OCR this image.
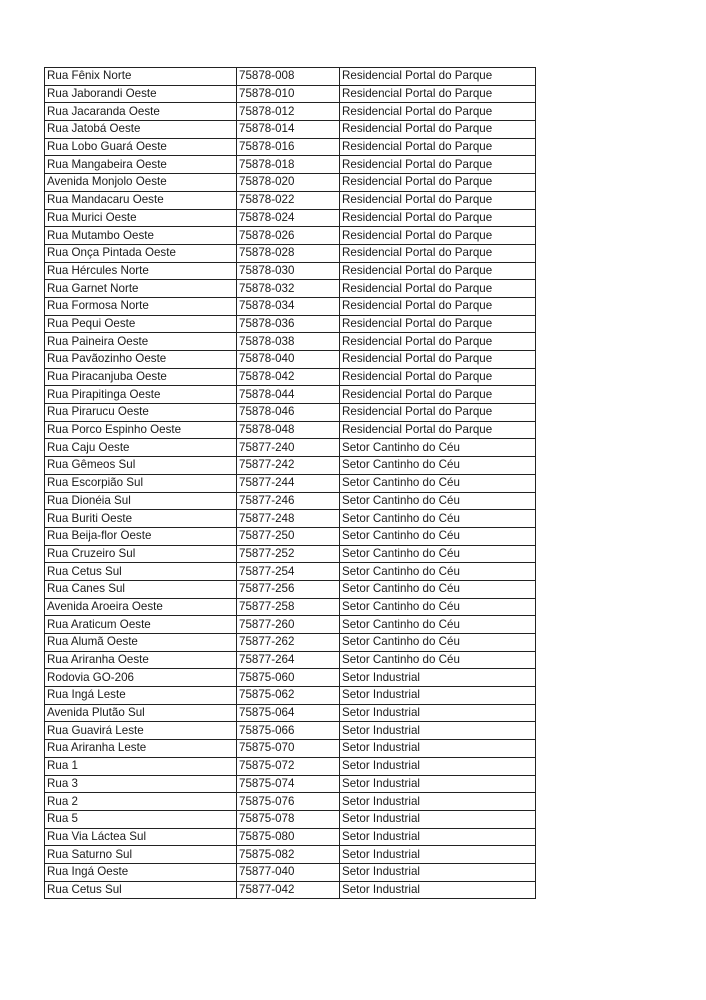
Rua Fênix Norte	75878-008	Residencial Portal do Parque
Rua Jaborandi Oeste	75878-010	Residencial Portal do Parque
Rua Jacaranda Oeste	75878-012	Residencial Portal do Parque
Rua Jatobá Oeste	75878-014	Residencial Portal do Parque
Rua Lobo Guará Oeste	75878-016	Residencial Portal do Parque
Rua Mangabeira Oeste	75878-018	Residencial Portal do Parque
Avenida Monjolo Oeste	75878-020	Residencial Portal do Parque
Rua Mandacaru Oeste	75878-022	Residencial Portal do Parque
Rua Murici Oeste	75878-024	Residencial Portal do Parque
Rua Mutambo Oeste	75878-026	Residencial Portal do Parque
Rua Onça Pintada Oeste	75878-028	Residencial Portal do Parque
Rua Hércules Norte	75878-030	Residencial Portal do Parque
Rua Garnet Norte	75878-032	Residencial Portal do Parque
Rua Formosa Norte	75878-034	Residencial Portal do Parque
Rua Pequi Oeste	75878-036	Residencial Portal do Parque
Rua Paineira Oeste	75878-038	Residencial Portal do Parque
Rua Pavãozinho Oeste	75878-040	Residencial Portal do Parque
Rua Piracanjuba Oeste	75878-042	Residencial Portal do Parque
Rua Pirapitinga Oeste	75878-044	Residencial Portal do Parque
Rua Pirarucu Oeste	75878-046	Residencial Portal do Parque
Rua Porco Espinho Oeste	75878-048	Residencial Portal do Parque
Rua Caju Oeste	75877-240	Setor Cantinho do Céu
Rua Gêmeos Sul	75877-242	Setor Cantinho do Céu
Rua Escorpião Sul	75877-244	Setor Cantinho do Céu
Rua Dionéia Sul	75877-246	Setor Cantinho do Céu
Rua Buriti Oeste	75877-248	Setor Cantinho do Céu
Rua Beija-flor Oeste	75877-250	Setor Cantinho do Céu
Rua Cruzeiro Sul	75877-252	Setor Cantinho do Céu
Rua Cetus Sul	75877-254	Setor Cantinho do Céu
Rua Canes Sul	75877-256	Setor Cantinho do Céu
Avenida Aroeira Oeste	75877-258	Setor Cantinho do Céu
Rua Araticum Oeste	75877-260	Setor Cantinho do Céu
Rua Alumã Oeste	75877-262	Setor Cantinho do Céu
Rua Ariranha Oeste	75877-264	Setor Cantinho do Céu
Rodovia GO-206	75875-060	Setor Industrial
Rua Ingá Leste	75875-062	Setor Industrial
Avenida Plutão Sul	75875-064	Setor Industrial
Rua Guavirá Leste	75875-066	Setor Industrial
Rua Ariranha Leste	75875-070	Setor Industrial
Rua 1	75875-072	Setor Industrial
Rua 3	75875-074	Setor Industrial
Rua 2	75875-076	Setor Industrial
Rua 5	75875-078	Setor Industrial
Rua Via Láctea Sul	75875-080	Setor Industrial
Rua Saturno Sul	75875-082	Setor Industrial
Rua Ingá Oeste	75877-040	Setor Industrial
Rua Cetus Sul	75877-042	Setor Industrial
